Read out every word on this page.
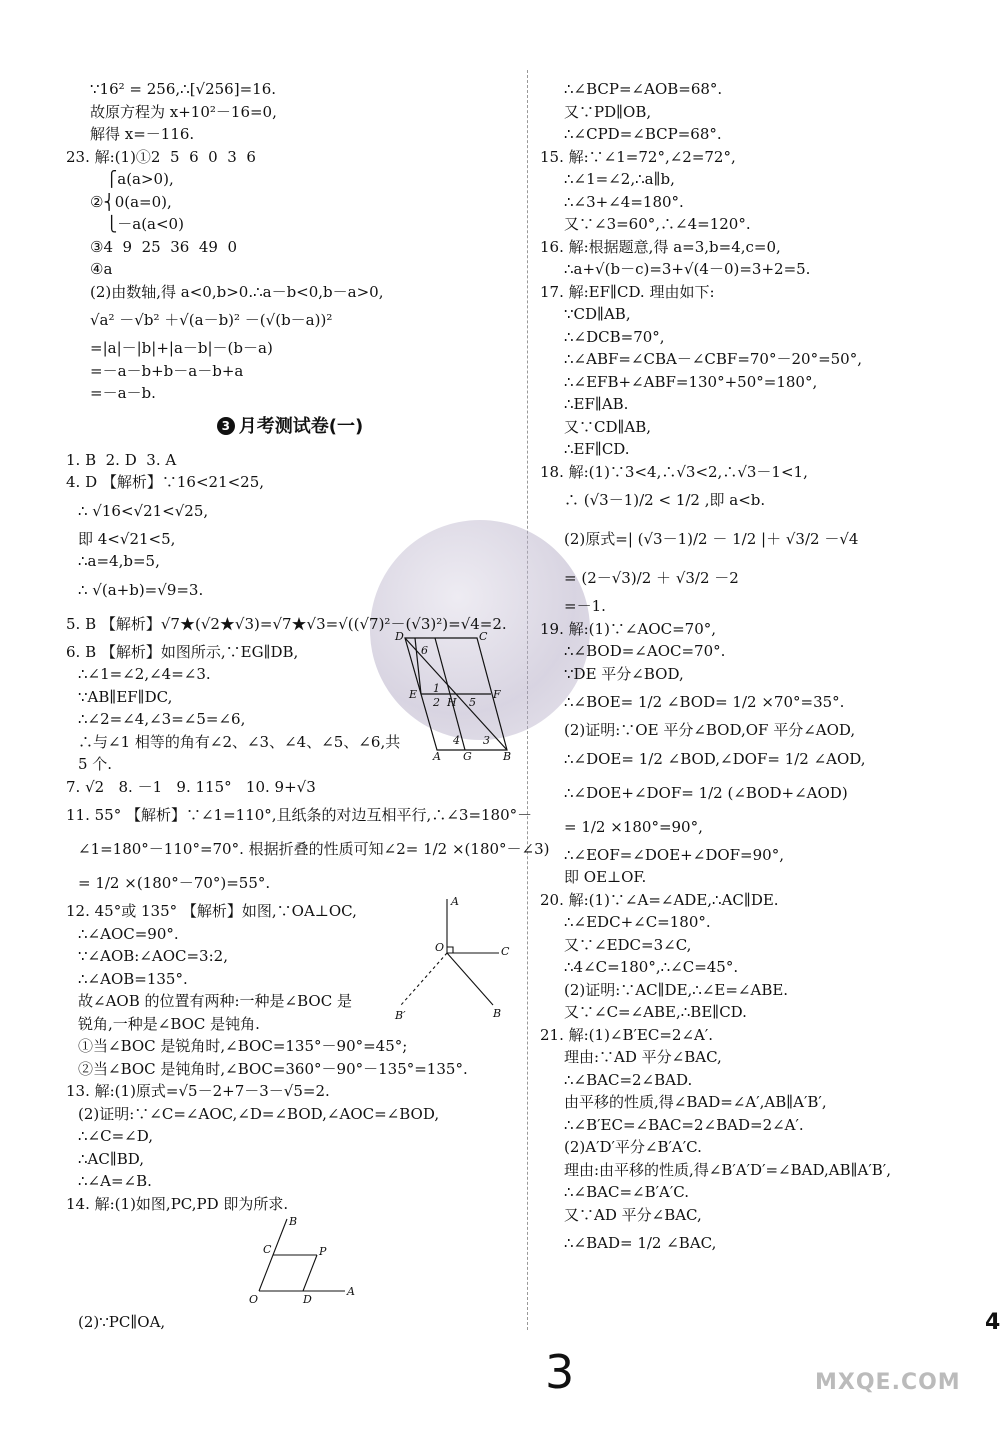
∵16² = 256,∴[√256]=16.
故原方程为 x+10²－16=0,
解得 x=－116.
23. 解:(1)①2  5  6  0  3  6
⎧a(a>0),
②⎨0(a=0),
⎩－a(a<0)
③4  9  25  36  49  0
④a
(2)由数轴,得 a<0,b>0.∴a－b<0,b－a>0,
√a² －√b² ＋√(a－b)² －(√(b－a))²
=|a|－|b|+|a－b|－(b－a)
=－a－b+b－a－b+a
=－a－b.
3 月考测试卷(一)
1. B  2. D  3. A
4. D 【解析】∵16<21<25,
∴ √16<√21<√25,
即 4<√21<5,
∴a=4,b=5,
∴ √(a+b)=√9=3.
5. B 【解析】√7★(√2★√3)=√7★√3=√((√7)²－(√3)²)=√4=2.
6. B 【解析】如图所示,∵EG∥DB,
∴∠1=∠2,∠4=∠3.
∵AB∥EF∥DC,
∴∠2=∠4,∠3=∠5=∠6,
∴与∠1 相等的角有∠2、∠3、∠4、∠5、∠6,共
5 个.
7. √2   8. －1   9. 115°   10. 9+√3
11. 55° 【解析】∵∠1=110°,且纸条的对边互相平行,∴∠3=180°－
∠1=180°－110°=70°. 根据折叠的性质可知∠2= 1/2 ×(180°－∠3)
= 1/2 ×(180°－70°)=55°.
12. 45°或 135° 【解析】如图,∵OA⊥OC,
∴∠AOC=90°.
∵∠AOB:∠AOC=3:2,
∴∠AOB=135°.
故∠AOB 的位置有两种:一种是∠BOC 是
锐角,一种是∠BOC 是钝角.
①当∠BOC 是锐角时,∠BOC=135°－90°=45°;
②当∠BOC 是钝角时,∠BOC=360°－90°－135°=135°.
13. 解:(1)原式=√5－2+7－3－√5=2.
(2)证明:∵∠C=∠AOC,∠D=∠BOD,∠AOC=∠BOD,
∴∠C=∠D,
∴AC∥BD,
∴∠A=∠B.
14. 解:(1)如图,PC,PD 即为所求.
(2)∵PC∥OA,
D	C
6
E	F
1
2 H 5
4 3
A G	B
A
O	C
B′	B
B
C	P
O	D
A
∴∠BCP=∠AOB=68°.
又∵PD∥OB,
∴∠CPD=∠BCP=68°.
15. 解:∵∠1=72°,∠2=72°,
∴∠1=∠2,∴a∥b,
∴∠3+∠4=180°.
又∵∠3=60°,∴∠4=120°.
16. 解:根据题意,得 a=3,b=4,c=0,
∴a+√(b－c)=3+√(4－0)=3+2=5.
17. 解:EF∥CD. 理由如下:
∵CD∥AB,
∴∠DCB=70°,
∴∠ABF=∠CBA－∠CBF=70°－20°=50°,
∴∠EFB+∠ABF=130°+50°=180°,
∴EF∥AB.
又∵CD∥AB,
∴EF∥CD.
18. 解:(1)∵3<4,∴√3<2,∴√3－1<1,
∴ (√3－1)/2 < 1/2 ,即 a<b.
(2)原式=| (√3－1)/2 － 1/2 |＋ √3/2 －√4
= (2－√3)/2 ＋ √3/2 －2
=－1.
19. 解:(1)∵∠AOC=70°,
∴∠BOD=∠AOC=70°.
∵DE 平分∠BOD,
∴∠BOE= 1/2 ∠BOD= 1/2 ×70°=35°.
(2)证明:∵OE 平分∠BOD,OF 平分∠AOD,
∴∠DOE= 1/2 ∠BOD,∠DOF= 1/2 ∠AOD,
∴∠DOE+∠DOF= 1/2 (∠BOD+∠AOD)
= 1/2 ×180°=90°,
∴∠EOF=∠DOE+∠DOF=90°,
即 OE⊥OF.
20. 解:(1)∵∠A=∠ADE,∴AC∥DE.
∴∠EDC+∠C=180°.
又∵∠EDC=3∠C,
∴4∠C=180°,∴∠C=45°.
(2)证明:∵AC∥DE,∴∠E=∠ABE.
又∵∠C=∠ABE,∴BE∥CD.
21. 解:(1)∠B′EC=2∠A′.
理由:∵AD 平分∠BAC,
∴∠BAC=2∠BAD.
由平移的性质,得∠BAD=∠A′,AB∥A′B′,
∴∠B′EC=∠BAC=2∠BAD=2∠A′.
(2)A′D′平分∠B′A′C.
理由:由平移的性质,得∠B′A′D′=∠BAD,AB∥A′B′,
∴∠BAC=∠B′A′C.
又∵AD 平分∠BAC,
∴∠BAD= 1/2 ∠BAC,
4
3	MXQE.COM
